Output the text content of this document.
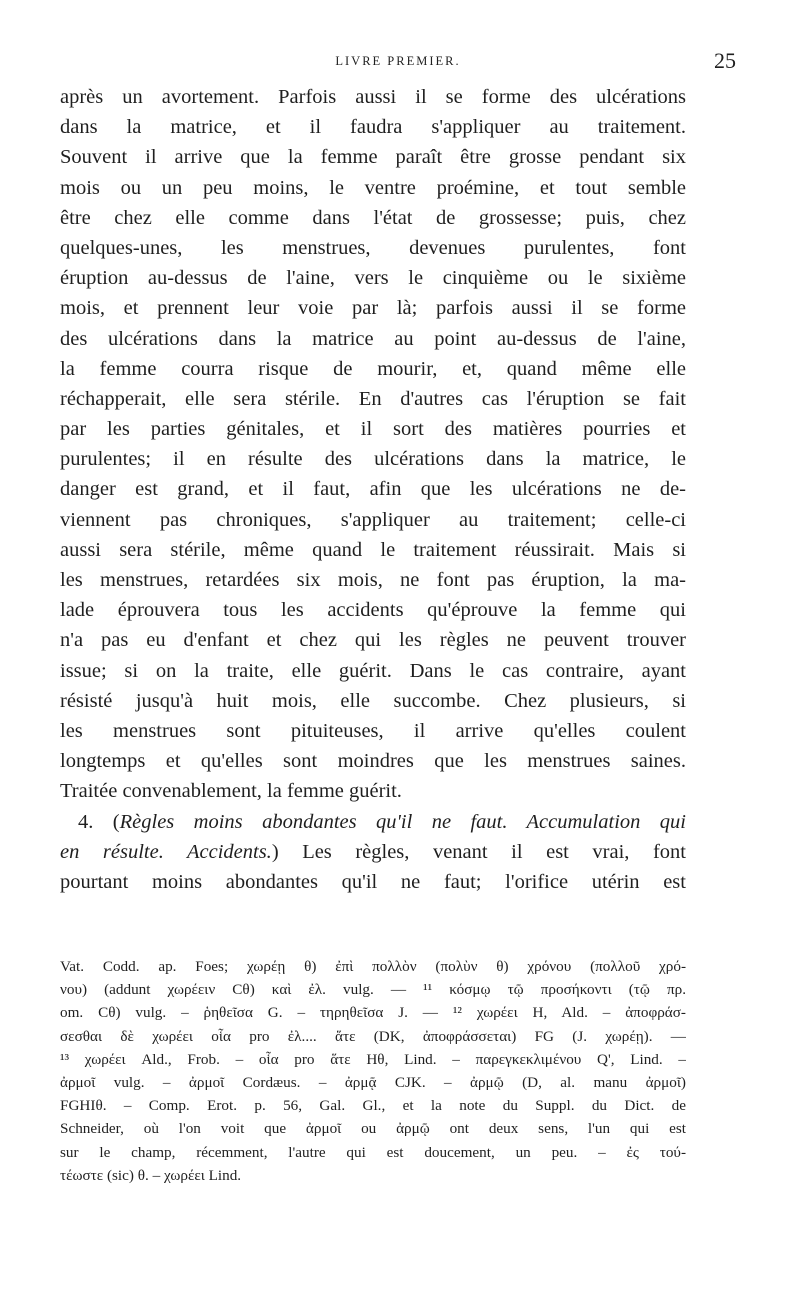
LIVRE PREMIER.	25
après un avortement. Parfois aussi il se forme des ulcérations
dans la matrice, et il faudra s'appliquer au traitement.
Souvent il arrive que la femme paraît être grosse pendant six
mois ou un peu moins, le ventre proémine, et tout semble
être chez elle comme dans l'état de grossesse; puis, chez
quelques-unes, les menstrues, devenues purulentes, font
éruption au-dessus de l'aine, vers le cinquième ou le sixième
mois, et prennent leur voie par là; parfois aussi il se forme
des ulcérations dans la matrice au point au-dessus de l'aine,
la femme courra risque de mourir, et, quand même elle
réchapperait, elle sera stérile. En d'autres cas l'éruption se fait
par les parties génitales, et il sort des matières pourries et
purulentes; il en résulte des ulcérations dans la matrice, le
danger est grand, et il faut, afin que les ulcérations ne de-
viennent pas chroniques, s'appliquer au traitement; celle-ci
aussi sera stérile, même quand le traitement réussirait. Mais si
les menstrues, retardées six mois, ne font pas éruption, la ma-
lade éprouvera tous les accidents qu'éprouve la femme qui
n'a pas eu d'enfant et chez qui les règles ne peuvent trouver
issue; si on la traite, elle guérit. Dans le cas contraire, ayant
résisté jusqu'à huit mois, elle succombe. Chez plusieurs, si
les menstrues sont pituiteuses, il arrive qu'elles coulent
longtemps et qu'elles sont moindres que les menstrues saines.
Traitée convenablement, la femme guérit.
4. (Règles moins abondantes qu'il ne faut. Accumulation qui
en résulte. Accidents.) Les règles, venant il est vrai, font
pourtant moins abondantes qu'il ne faut; l'orifice utérin est
Vat. Codd. ap. Foes; χωρέῃ θ) ἐπὶ πολλὸν (πολὺν θ) χρόνου (πολλοῦ χρό-
νου) (addunt χωρέειν Cθ) καὶ ἐλ. vulg. — ¹¹ κόσμῳ τῷ προσήκοντι (τῷ πρ.
om. Cθ) vulg. – ῥηθεῖσα G. – τηρηθεῖσα J. — ¹² χωρέει H, Ald. – ἀποφράσ-
σεσθαι δὲ χωρέει οἷα pro ἐλ.... ἅτε (DK, ἀποφράσσεται) FG (J. χωρέῃ). —
¹³ χωρέει Ald., Frob. – οἷα pro ἅτε Hθ, Lind. – παρεγκεκλιμένου Q', Lind. –
ἀρμοῖ vulg. – ἀρμοῖ Cordæus. – ἀρμᾷ CJK. – ἀρμῷ (D, al. manu ἀρμοῖ)
FGHIθ. – Comp. Erot. p. 56, Gal. Gl., et la note du Suppl. du Dict. de
Schneider, où l'on voit que ἀρμοῖ ou ἀρμῷ ont deux sens, l'un qui est
sur le champ, récemment, l'autre qui est doucement, un peu. – ἐς τού-
τέωστε (sic) θ. – χωρέει Lind.
